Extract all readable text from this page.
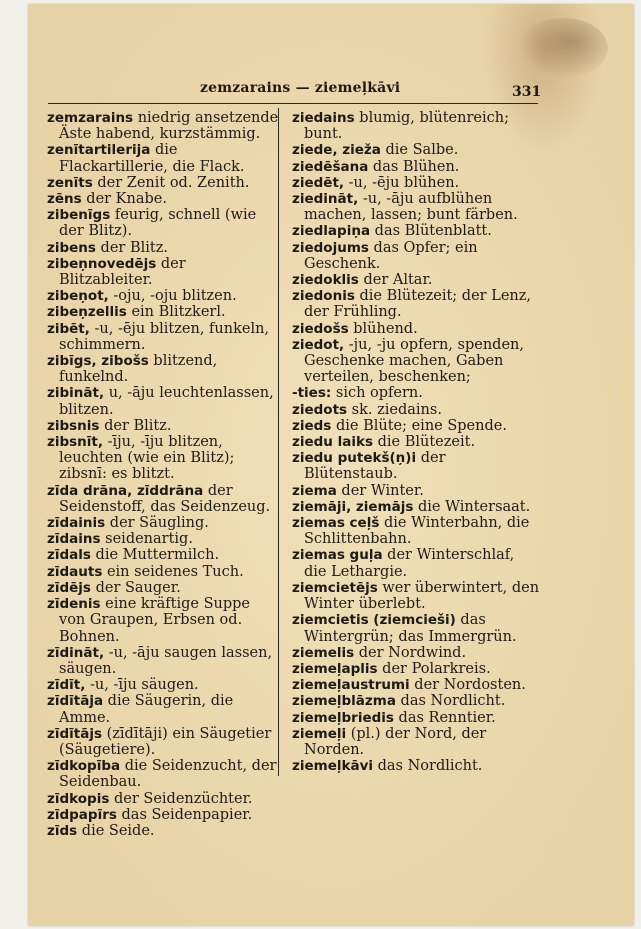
zemzarains — ziemeļkāvi	331

zemzarains niedrig ansetzende Äste habend, kurzstämmig.

zenītartilerija die Flackartillerie, die Flack.

zenīts der Zenit od. Zenith.

zēns der Knabe.

zibenīgs feurig, schnell (wie der Blitz).

zibens der Blitz.

zibeņnovedējs der Blitzableiter.

zibeņot, -oju, -oju blitzen.

zibeņzellis ein Blitzkerl.

zibēt, -u, -ēju blitzen, funkeln, schimmern.

zibīgs, zibošs blitzend, funkelnd.

zibināt, u, -āju leuchtenlassen, blitzen.

zibsnis der Blitz.

zibsnīt, -īju, -īju blitzen, leuchten (wie ein Blitz); zibsnī: es blitzt.

zīda drāna, zīddrāna der Seidenstoff, das Seidenzeug.

zīdainis der Säugling.

zīdains seidenartig.

zīdals die Muttermilch.

zīdauts ein seidenes Tuch.

zīdējs der Sauger.

zīdenis eine kräftige Suppe von Graupen, Erbsen od. Bohnen.

zīdināt, -u, -āju saugen lassen, säugen.

zīdīt, -u, -īju säugen.

zīdītāja die Säugerin, die Amme.

zīdītājs (zīdītāji) ein Säugetier (Säugetiere).

zīdkopība die Seidenzucht, der Seidenbau.

zīdkopis der Seidenzüchter.

zīdpapīrs das Seidenpapier.

zīds die Seide.

ziedains blumig, blütenreich; bunt.

ziede, zieža die Salbe.

ziedēšana das Blühen.

ziedēt, -u, -ēju blühen.

ziedināt, -u, -āju aufblühen machen, lassen; bunt färben.

ziedlapiņa das Blütenblatt.

ziedojums das Opfer; ein Geschenk.

ziedoklis der Altar.

ziedonis die Blütezeit; der Lenz, der Frühling.

ziedošs blühend.

ziedot, -ju, -ju opfern, spenden, Geschenke machen, Gaben verteilen, beschenken;

-ties: sich opfern.

ziedots sk. ziedains.

zieds die Blüte; eine Spende.

ziedu laiks die Blütezeit.

ziedu putekš(ņ)i der Blütenstaub.

ziema der Winter.

ziemāji, ziemājs die Wintersaat.

ziemas ceļš die Winterbahn, die Schlittenbahn.

ziemas guļa der Winterschlaf, die Lethargie.

ziemcietējs wer überwintert, den Winter überlebt.

ziemcietis (ziemcieši) das Wintergrün; das Immergrün.

ziemelis der Nordwind.

ziemeļaplis der Polarkreis.

ziemeļaustrumi der Nordosten.

ziemeļblāzma das Nordlicht.

ziemeļbriedis das Renntier.

ziemeļi (pl.) der Nord, der Norden.

ziemeļkāvi das Nordlicht.
